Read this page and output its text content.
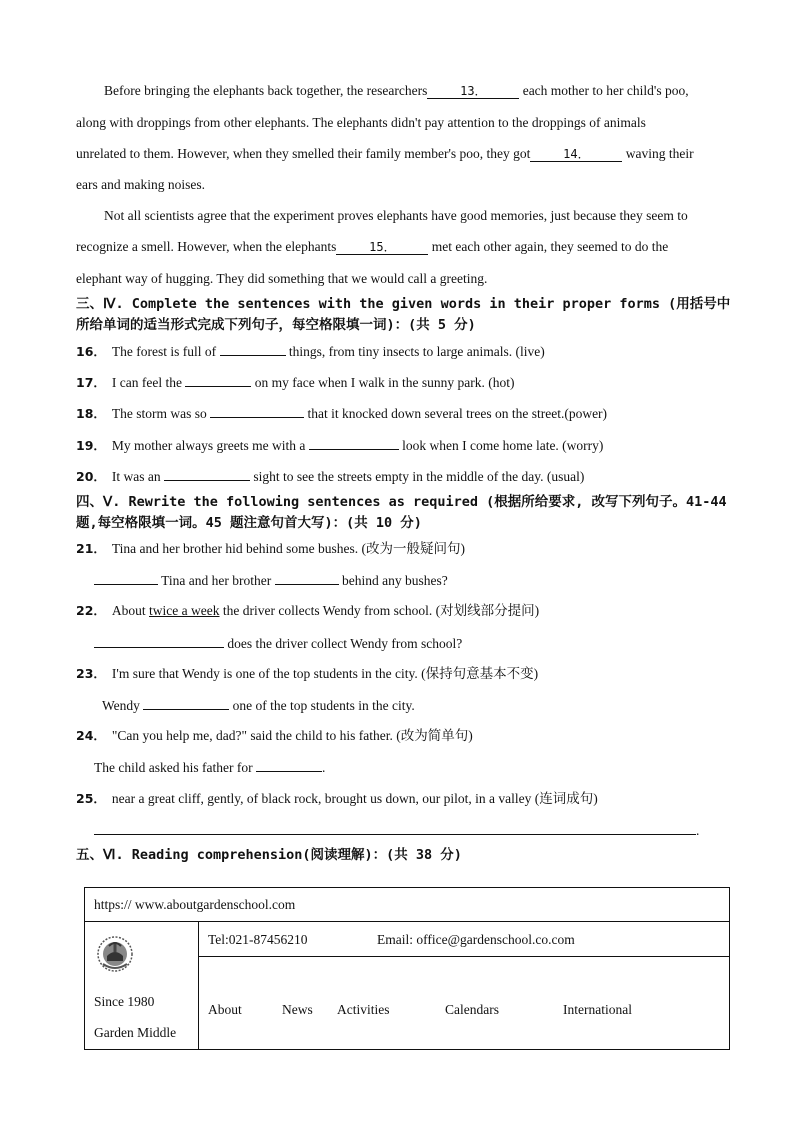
Before bringing the elephants back together, the researchers	13．	each mother to her child's poo,
along with droppings from other elephants. The elephants didn't pay attention to the droppings of animals
unrelated to them. However, when they smelled their family member's poo, they got	14．	waving their
ears and making noises.
Not all scientists agree that the experiment proves elephants have good memories, just because they seem to
recognize a smell. However, when the elephants	15．	met each other again, they seemed to do the
elephant way of hugging. They did something that we would call a greeting.
三、Ⅳ. Complete the sentences with the given words in their proper forms (用括号中
所给单词的适当形式完成下列句子，每空格限填一词)：(共 5 分)
16． The forest is full of	things, from tiny insects to large animals. (live)
17． I can feel the	on my face when I walk in the sunny park. (hot)
18． The storm was so	that it knocked down several trees on the street.(power)
19． My mother always greets me with a	look when I come home late. (worry)
20． It was an	sight to see the streets empty in the middle of the day. (usual)
四、Ⅴ. Rewrite the following sentences as required (根据所给要求, 改写下列句子。41-44
题,每空格限填一词。45 题注意句首大写)：(共 10 分)
21． Tina and her brother hid behind some bushes. (改为一般疑问句)
Tina and her brother	behind any bushes?
22． About twice a week the driver collects Wendy from school. (对划线部分提问)
does the driver collect Wendy from school?
23． I'm sure that Wendy is one of the top students in the city. (保持句意基本不变)
Wendy	one of the top students in the city.
24． "Can you help me, dad?" said the child to his father. (改为简单句)
The child asked his father for	.
25． near a great cliff, gently, of black rock, brought us down, our pilot, in a valley (连词成句)
.
五、Ⅵ. Reading comprehension(阅读理解)：(共 38 分)
https:// www.aboutgardenschool.com
Since 1980
Garden Middle
Tel:021-87456210	Email: office@gardenschool.co.com
About	News Activities	Calendars	International
